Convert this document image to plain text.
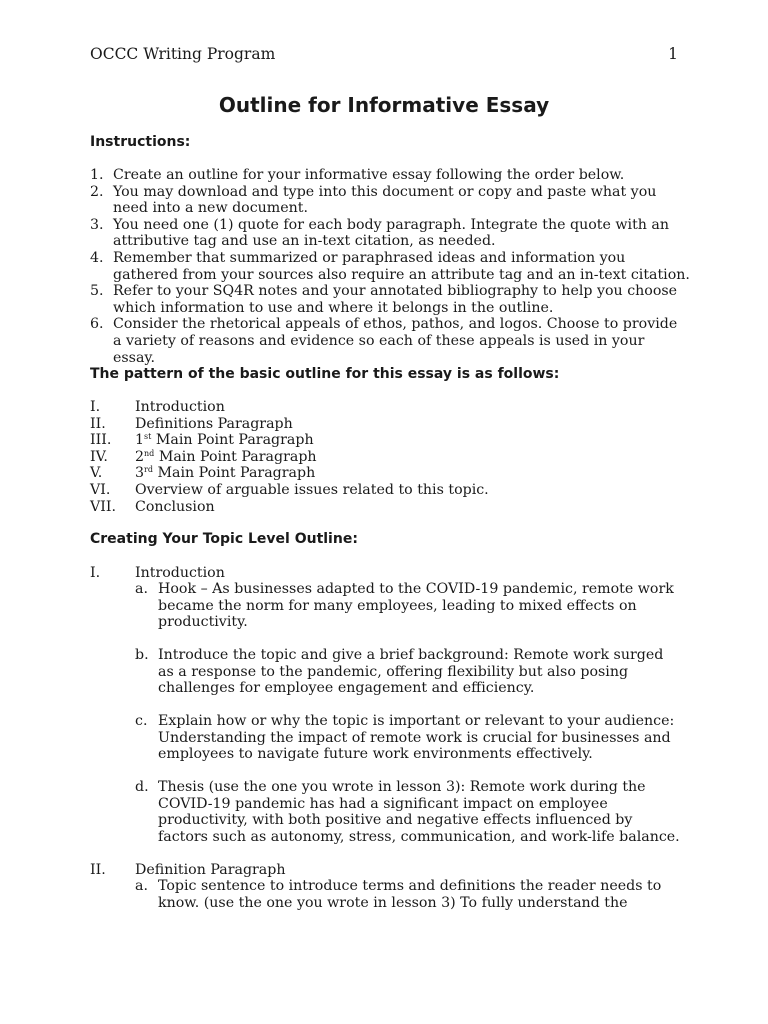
OCCC Writing Program	1
Outline for Informative Essay
Instructions:
1. Create an outline for your informative essay following the order below.
2. You may download and type into this document or copy and paste what you need into a new document.
3. You need one (1) quote for each body paragraph. Integrate the quote with an attributive tag and use an in-text citation, as needed.
4. Remember that summarized or paraphrased ideas and information you gathered from your sources also require an attribute tag and an in-text citation.
5. Refer to your SQ4R notes and your annotated bibliography to help you choose which information to use and where it belongs in the outline.
6. Consider the rhetorical appeals of ethos, pathos, and logos. Choose to provide a variety of reasons and evidence so each of these appeals is used in your essay.
The pattern of the basic outline for this essay is as follows:
I. Introduction
II. Definitions Paragraph
III. 1st Main Point Paragraph
IV. 2nd Main Point Paragraph
V. 3rd Main Point Paragraph
VI. Overview of arguable issues related to this topic.
VII. Conclusion
Creating Your Topic Level Outline:
I. Introduction
a. Hook – As businesses adapted to the COVID-19 pandemic, remote work became the norm for many employees, leading to mixed effects on productivity.
b. Introduce the topic and give a brief background: Remote work surged as a response to the pandemic, offering flexibility but also posing challenges for employee engagement and efficiency.
c. Explain how or why the topic is important or relevant to your audience: Understanding the impact of remote work is crucial for businesses and employees to navigate future work environments effectively.
d. Thesis (use the one you wrote in lesson 3): Remote work during the COVID-19 pandemic has had a significant impact on employee productivity, with both positive and negative effects influenced by factors such as autonomy, stress, communication, and work-life balance.
II. Definition Paragraph
a. Topic sentence to introduce terms and definitions the reader needs to know. (use the one you wrote in lesson 3) To fully understand the
